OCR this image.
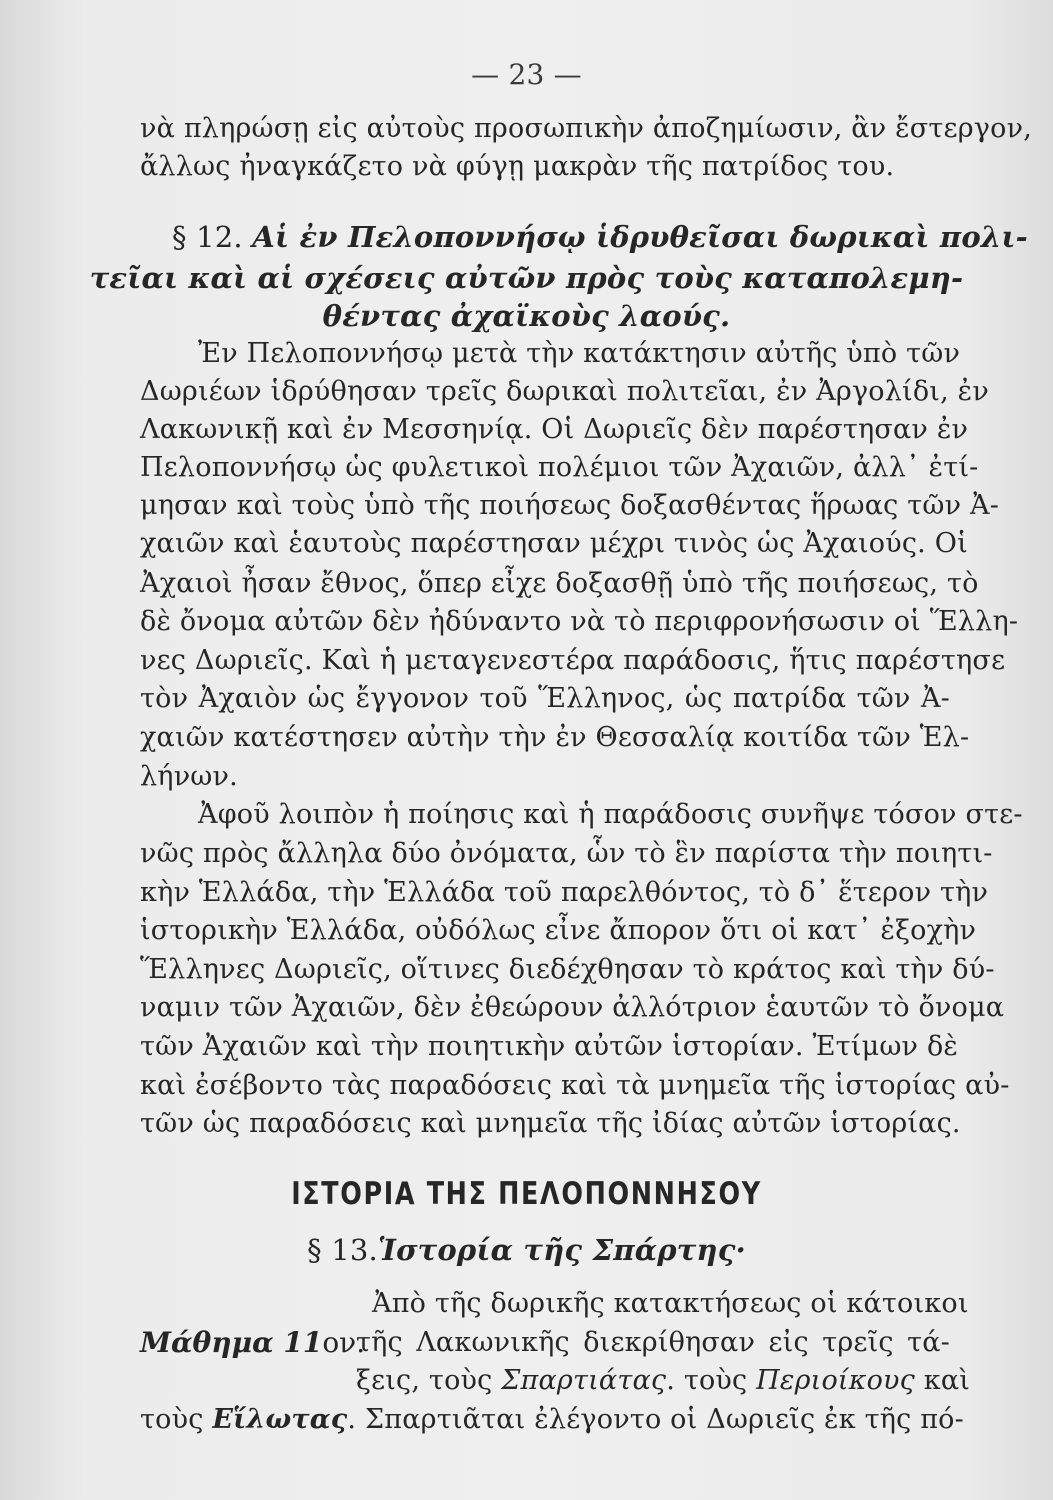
— 23 —
νὰ πληρώσῃ εἰς αὐτοὺς προσωπικὴν ἀποζημίωσιν, ἂν ἔστεργον,
ἄλλως ἠναγκάζετο νὰ φύγῃ μακρὰν τῆς πατρίδος του.
§ 12. Αἱ ἐν Πελοποννήσῳ ἱδρυθεῖσαι δωρικαὶ πολι-
τεῖαι καὶ αἱ σχέσεις αὐτῶν πρὸς τοὺς καταπολεμη-
θέντας ἀχαϊκοὺς λαούς.
Ἐν Πελοποννήσῳ μετὰ τὴν κατάκτησιν αὐτῆς ὑπὸ τῶν
Δωριέων ἱδρύθησαν τρεῖς δωρικαὶ πολιτεῖαι, ἐν Ἀργολίδι, ἐν
Λακωνικῇ καὶ ἐν Μεσσηνίᾳ. Οἱ Δωριεῖς δὲν παρέστησαν ἐν
Πελοποννήσῳ ὡς φυλετικοὶ πολέμιοι τῶν Ἀχαιῶν, ἀλλ᾽ ἐτί-
μησαν καὶ τοὺς ὑπὸ τῆς ποιήσεως δοξασθέντας ἥρωας τῶν Ἀ-
χαιῶν καὶ ἑαυτοὺς παρέστησαν μέχρι τινὸς ὡς Ἀχαιούς. Οἱ
Ἀχαιοὶ ἦσαν ἔθνος, ὅπερ εἶχε δοξασθῇ ὑπὸ τῆς ποιήσεως, τὸ
δὲ ὄνομα αὐτῶν δὲν ἠδύναντο νὰ τὸ περιφρονήσωσιν οἱ Ἕλλη-
νες Δωριεῖς. Καὶ ἡ μεταγενεστέρα παράδοσις, ἥτις παρέστησε
τὸν Ἀχαιὸν ὡς ἔγγονον τοῦ Ἕλληνος, ὡς πατρίδα τῶν Ἀ-
χαιῶν κατέστησεν αὐτὴν τὴν ἐν Θεσσαλίᾳ κοιτίδα τῶν Ἑλ-
λήνων.
Ἀφοῦ λοιπὸν ἡ ποίησις καὶ ἡ παράδοσις συνῆψε τόσον στε-
νῶς πρὸς ἄλληλα δύο ὀνόματα, ὧν τὸ ἓν παρίστα τὴν ποιητι-
κὴν Ἑλλάδα, τὴν Ἑλλάδα τοῦ παρελθόντος, τὸ δ᾽ ἕτερον τὴν
ἱστορικὴν Ἑλλάδα, οὐδόλως εἶνε ἄπορον ὅτι οἱ κατ᾽ ἐξοχὴν
Ἕλληνες Δωριεῖς, οἵτινες διεδέχθησαν τὸ κράτος καὶ τὴν δύ-
ναμιν τῶν Ἀχαιῶν, δὲν ἐθεώρουν ἀλλότριον ἑαυτῶν τὸ ὄνομα
τῶν Ἀχαιῶν καὶ τὴν ποιητικὴν αὐτῶν ἱστορίαν. Ἐτίμων δὲ
καὶ ἐσέβοντο τὰς παραδόσεις καὶ τὰ μνημεῖα τῆς ἱστορίας αὐ-
τῶν ὡς παραδόσεις καὶ μνημεῖα τῆς ἰδίας αὐτῶν ἱστορίας.
ΙΣΤΟΡΙΑ ΤΗΣ ΠΕΛΟΠΟΝΝΗΣΟΥ
§ 13.Ἱστορία τῆς Σπάρτης·
Μάθημα 11ον.
Ἀπὸ τῆς δωρικῆς κατακτήσεως οἱ κάτοικοι
τῆς Λακωνικῆς διεκρίθησαν εἰς τρεῖς τά-
ξεις, τοὺς Σπαρτιάτας. τοὺς Περιοίκους καὶ
τοὺς Εἵλωτας. Σπαρτιᾶται ἐλέγοντο οἱ Δωριεῖς ἐκ τῆς πό-
